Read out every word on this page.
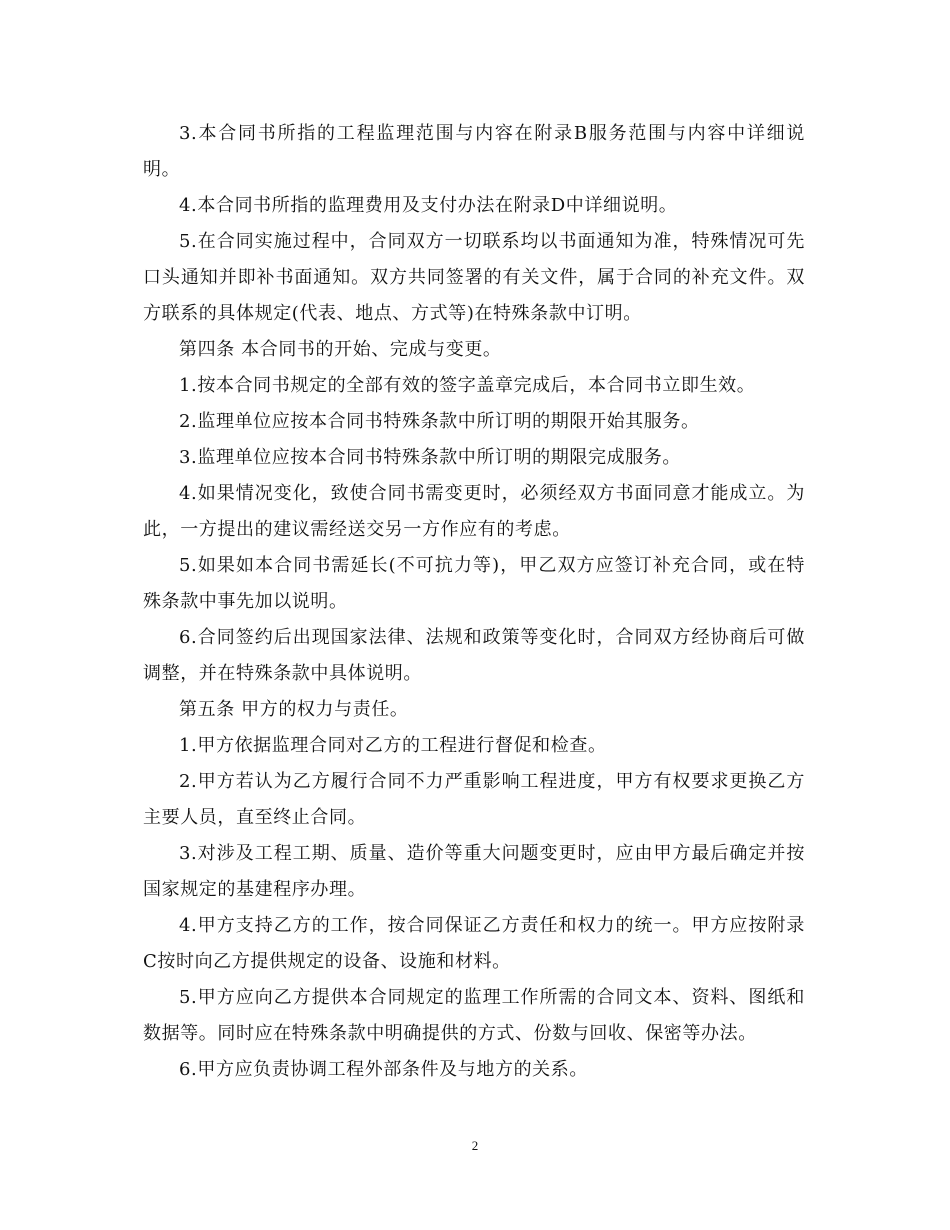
3.本合同书所指的工程监理范围与内容在附录B服务范围与内容中详细说明。

4.本合同书所指的监理费用及支付办法在附录D中详细说明。

5.在合同实施过程中，合同双方一切联系均以书面通知为准，特殊情况可先口头通知并即补书面通知。双方共同签署的有关文件，属于合同的补充文件。双方联系的具体规定(代表、地点、方式等)在特殊条款中订明。

第四条 本合同书的开始、完成与变更。

1.按本合同书规定的全部有效的签字盖章完成后，本合同书立即生效。

2.监理单位应按本合同书特殊条款中所订明的期限开始其服务。

3.监理单位应按本合同书特殊条款中所订明的期限完成服务。

4.如果情况变化，致使合同书需变更时，必须经双方书面同意才能成立。为此，一方提出的建议需经送交另一方作应有的考虑。

5.如果如本合同书需延长(不可抗力等)，甲乙双方应签订补充合同，或在特殊条款中事先加以说明。

6.合同签约后出现国家法律、法规和政策等变化时，合同双方经协商后可做调整，并在特殊条款中具体说明。

第五条 甲方的权力与责任。

1.甲方依据监理合同对乙方的工程进行督促和检查。

2.甲方若认为乙方履行合同不力严重影响工程进度，甲方有权要求更换乙方主要人员，直至终止合同。

3.对涉及工程工期、质量、造价等重大问题变更时，应由甲方最后确定并按国家规定的基建程序办理。

4.甲方支持乙方的工作，按合同保证乙方责任和权力的统一。甲方应按附录C按时向乙方提供规定的设备、设施和材料。

5.甲方应向乙方提供本合同规定的监理工作所需的合同文本、资料、图纸和数据等。同时应在特殊条款中明确提供的方式、份数与回收、保密等办法。

6.甲方应负责协调工程外部条件及与地方的关系。

2
